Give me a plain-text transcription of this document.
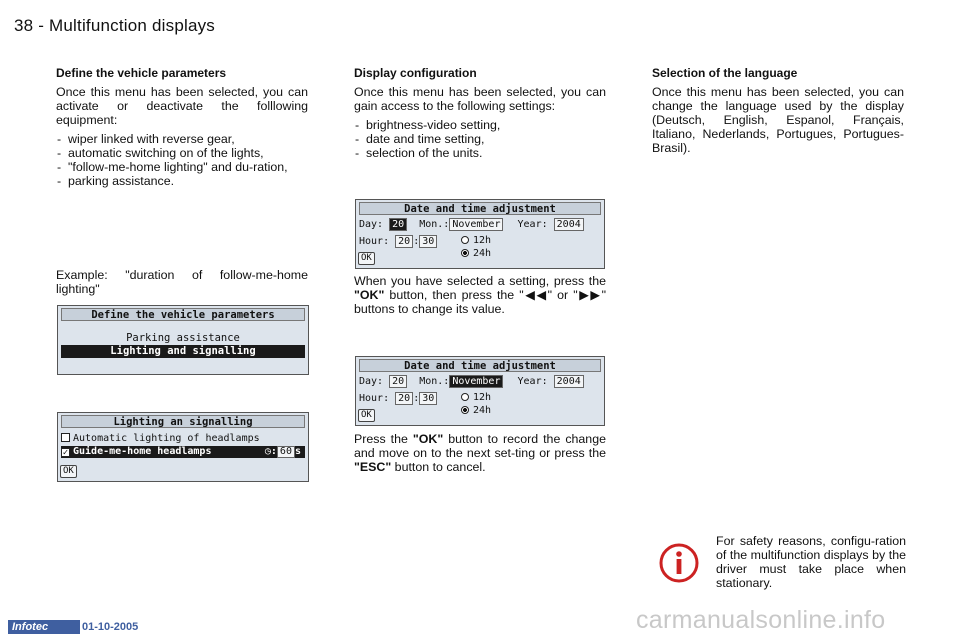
38 - Multifunction displays
Define the vehicle parameters
Once this menu has been selected, you can activate or deactivate the folllowing equipment:
- wiper linked with reverse gear,
- automatic switching on of the lights,
- "follow-me-home lighting" and du-ration,
- parking assistance.
Example: "duration of follow-me-home lighting"
Define the vehicle parameters
Parking assistance
Lighting and signalling
Lighting an signalling
Automatic lighting of headlamps
✓ Guide-me-home headlamps	◷: 60 s
OK
Display configuration
Once this menu has been selected, you can gain access to the following settings:
- brightness-video setting,
- date and time setting,
- selection of the units.
Date and time adjustment
Day: 20 Mon.: November Year: 2004
Hour: 20 : 30	12h
24h
OK
When you have selected a setting, press the "OK" button, then press the "◀◀" or "▶▶" buttons to change its value.
Date and time adjustment
Day: 20 Mon.: November Year: 2004
Hour: 20 : 30	12h
24h
OK
Press the "OK" button to record the change and move on to the next set-ting or press the "ESC" button to cancel.
Selection of the language
Once this menu has been selected, you can change the language used by the display (Deutsch, English, Espanol, Français, Italiano, Nederlands, Portugues, Portugues-Brasil).
For safety reasons, configu-ration of the multifunction displays by the driver must take place when stationary.
Infotec	01-10-2005	carmanualsonline.info
